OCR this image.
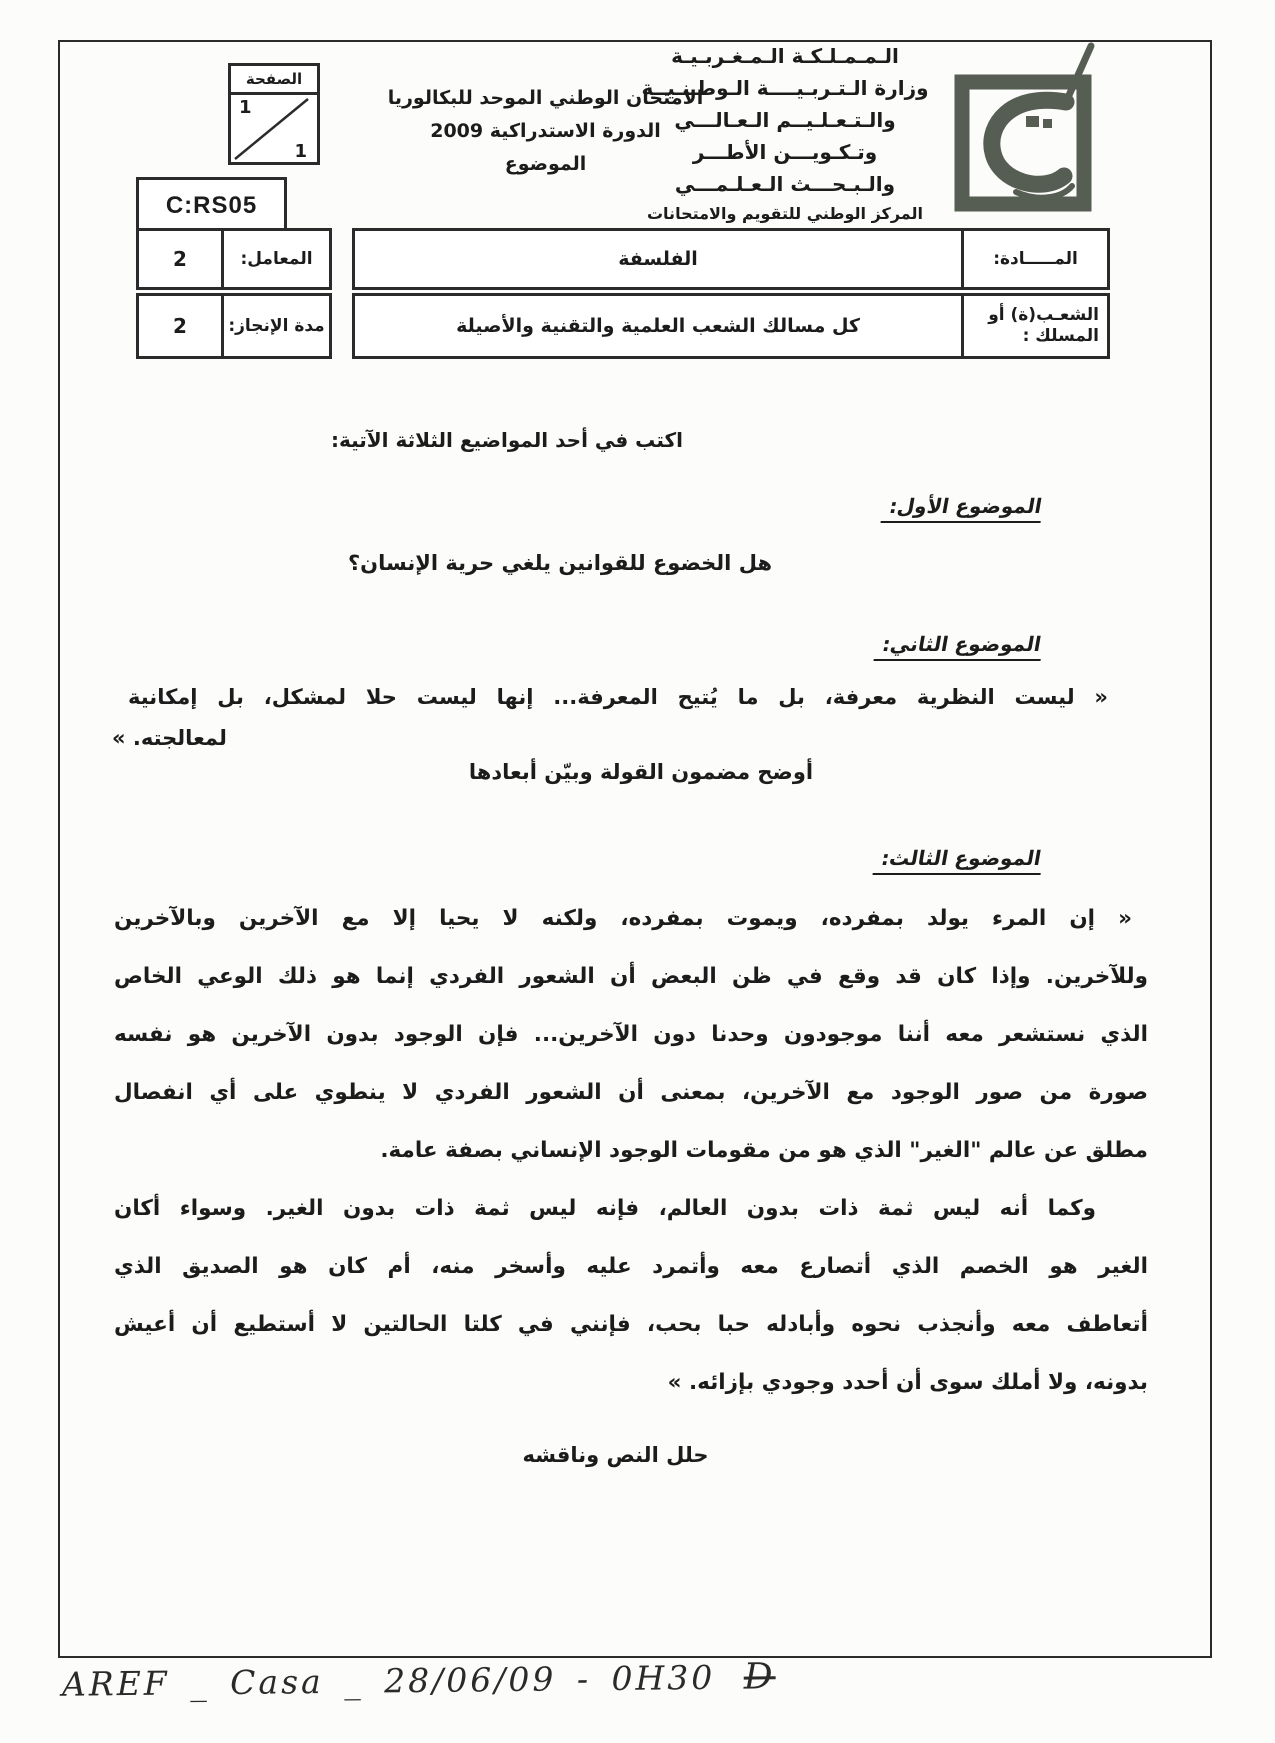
الـمـمـلـكـة الـمـغـربـيـة
وزارة الـتـربـيــــة الـوطـنـيــة
والـتـعـلـيــم الـعـالـــي
وتـكـويـــن الأطـــر
والـبـحـــث الـعـلـمـــي
المركز الوطني للتقويم والامتحانات
الامتحان الوطني الموحد للبكالوريا
الدورة الاستدراكية 2009
الموضوع
الصفحة
1
1
C:RS05
المعامل:
2	المـــــادة:
الفلسفة
مدة الإنجاز:
2	الشعـب(ة) أو المسلك :
كل مسالك الشعب العلمية والتقنية والأصيلة
اكتب في أحد المواضيع الثلاثة الآتية:
الموضوع الأول:
هل الخضوع للقوانين يلغي حرية الإنسان؟
الموضوع الثاني:
« ليست النظرية معرفة، بل ما يُتيح المعرفة... إنها ليست حلا لمشكل، بل إمكانية
لمعالجته. »
أوضح مضمون القولة وبيّن أبعادها
الموضوع الثالث:
« إن المرء يولد بمفرده، ويموت بمفرده، ولكنه لا يحيا إلا مع الآخرين وبالآخرين
وللآخرين. وإذا كان قد وقع في ظن البعض أن الشعور الفردي إنما هو ذلك الوعي الخاص
الذي نستشعر معه أننا موجودون وحدنا دون الآخرين... فإن الوجود بدون الآخرين هو نفسه
صورة من صور الوجود مع الآخرين، بمعنى أن الشعور الفردي لا ينطوي على أي انفصال
مطلق عن عالم "الغير" الذي هو من مقومات الوجود الإنساني بصفة عامة.
وكما أنه ليس ثمة ذات بدون العالم، فإنه ليس ثمة ذات بدون الغير. وسواء أكان
الغير هو الخصم الذي أتصارع معه وأتمرد عليه وأسخر منه، أم كان هو الصديق الذي
أتعاطف معه وأنجذب نحوه وأبادله حبا بحب، فإنني في كلتا الحالتين لا أستطيع أن أعيش
بدونه، ولا أملك سوى أن أحدد وجودي بإزائه. »
حلل النص وناقشه
AREF _ Casa _ 28/06/09 - 0H30 D
